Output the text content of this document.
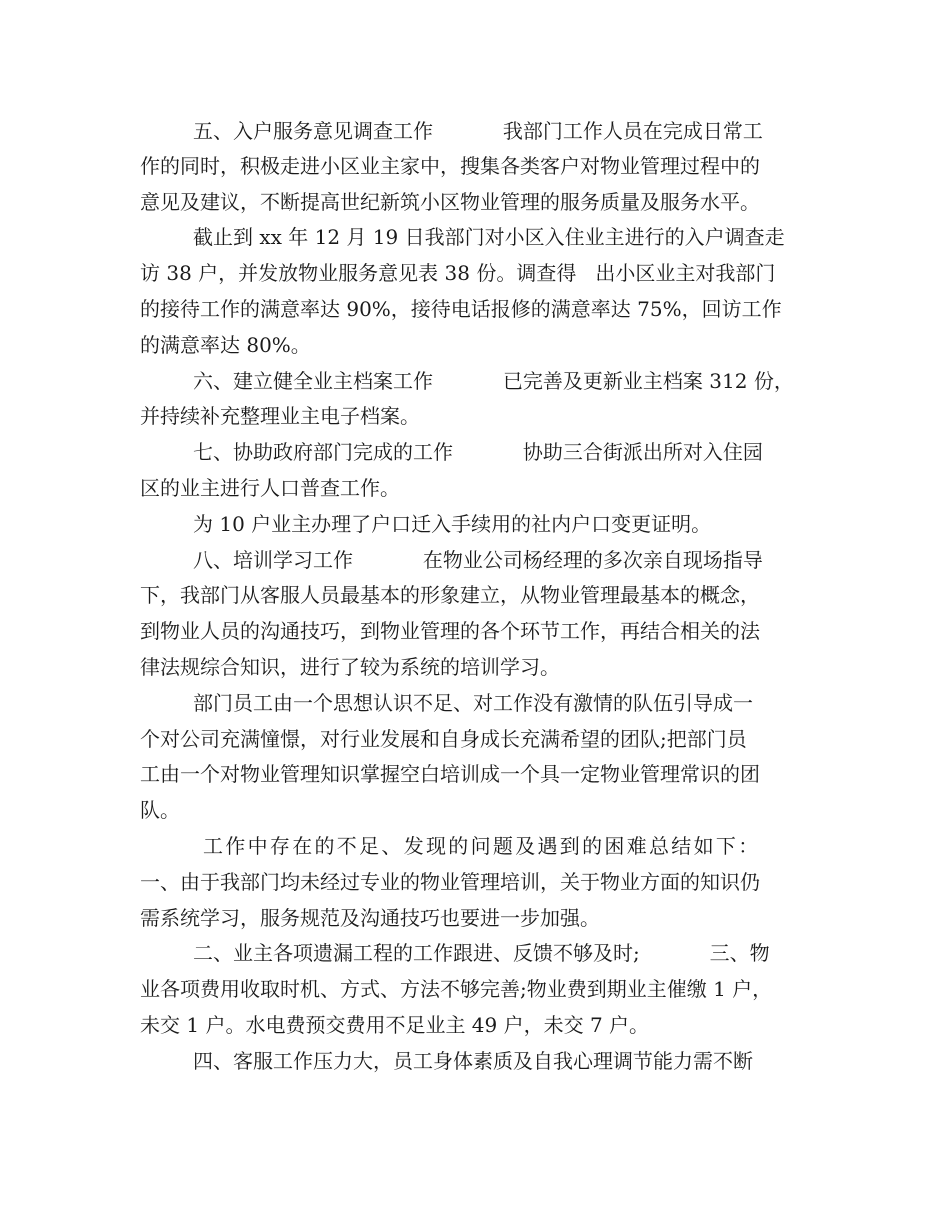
五、入户服务意见调查工作           我部门工作人员在完成日常工
作的同时，积极走进小区业主家中，搜集各类客户对物业管理过程中的
意见及建议，不断提高世纪新筑小区物业管理的服务质量及服务水平。
截止到 xx 年 12 月 19 日我部门对小区入住业主进行的入户调查走
访 38 户，并发放物业服务意见表 38 份。调查得   出小区业主对我部门
的接待工作的满意率达 90%，接待电话报修的满意率达 75%，回访工作
的满意率达 80%。
六、建立健全业主档案工作           已完善及更新业主档案 312 份，
并持续补充整理业主电子档案。
七、协助政府部门完成的工作           协助三合街派出所对入住园
区的业主进行人口普查工作。
为 10 户业主办理了户口迁入手续用的社内户口变更证明。
八、培训学习工作           在物业公司杨经理的多次亲自现场指导
下，我部门从客服人员最基本的形象建立，从物业管理最基本的概念，
到物业人员的沟通技巧，到物业管理的各个环节工作，再结合相关的法
律法规综合知识，进行了较为系统的培训学习。
部门员工由一个思想认识不足、对工作没有激情的队伍引导成一
个对公司充满憧憬，对行业发展和自身成长充满希望的团队;把部门员
工由一个对物业管理知识掌握空白培训成一个具一定物业管理常识的团
队。
工作中存在的不足、发现的问题及遇到的困难总结如下：
一、由于我部门均未经过专业的物业管理培训，关于物业方面的知识仍
需系统学习，服务规范及沟通技巧也要进一步加强。
二、业主各项遗漏工程的工作跟进、反馈不够及时;           三、物
业各项费用收取时机、方式、方法不够完善;物业费到期业主催缴 1 户，
未交 1 户。水电费预交费用不足业主 49 户，未交 7 户。
四、客服工作压力大，员工身体素质及自我心理调节能力需不断
